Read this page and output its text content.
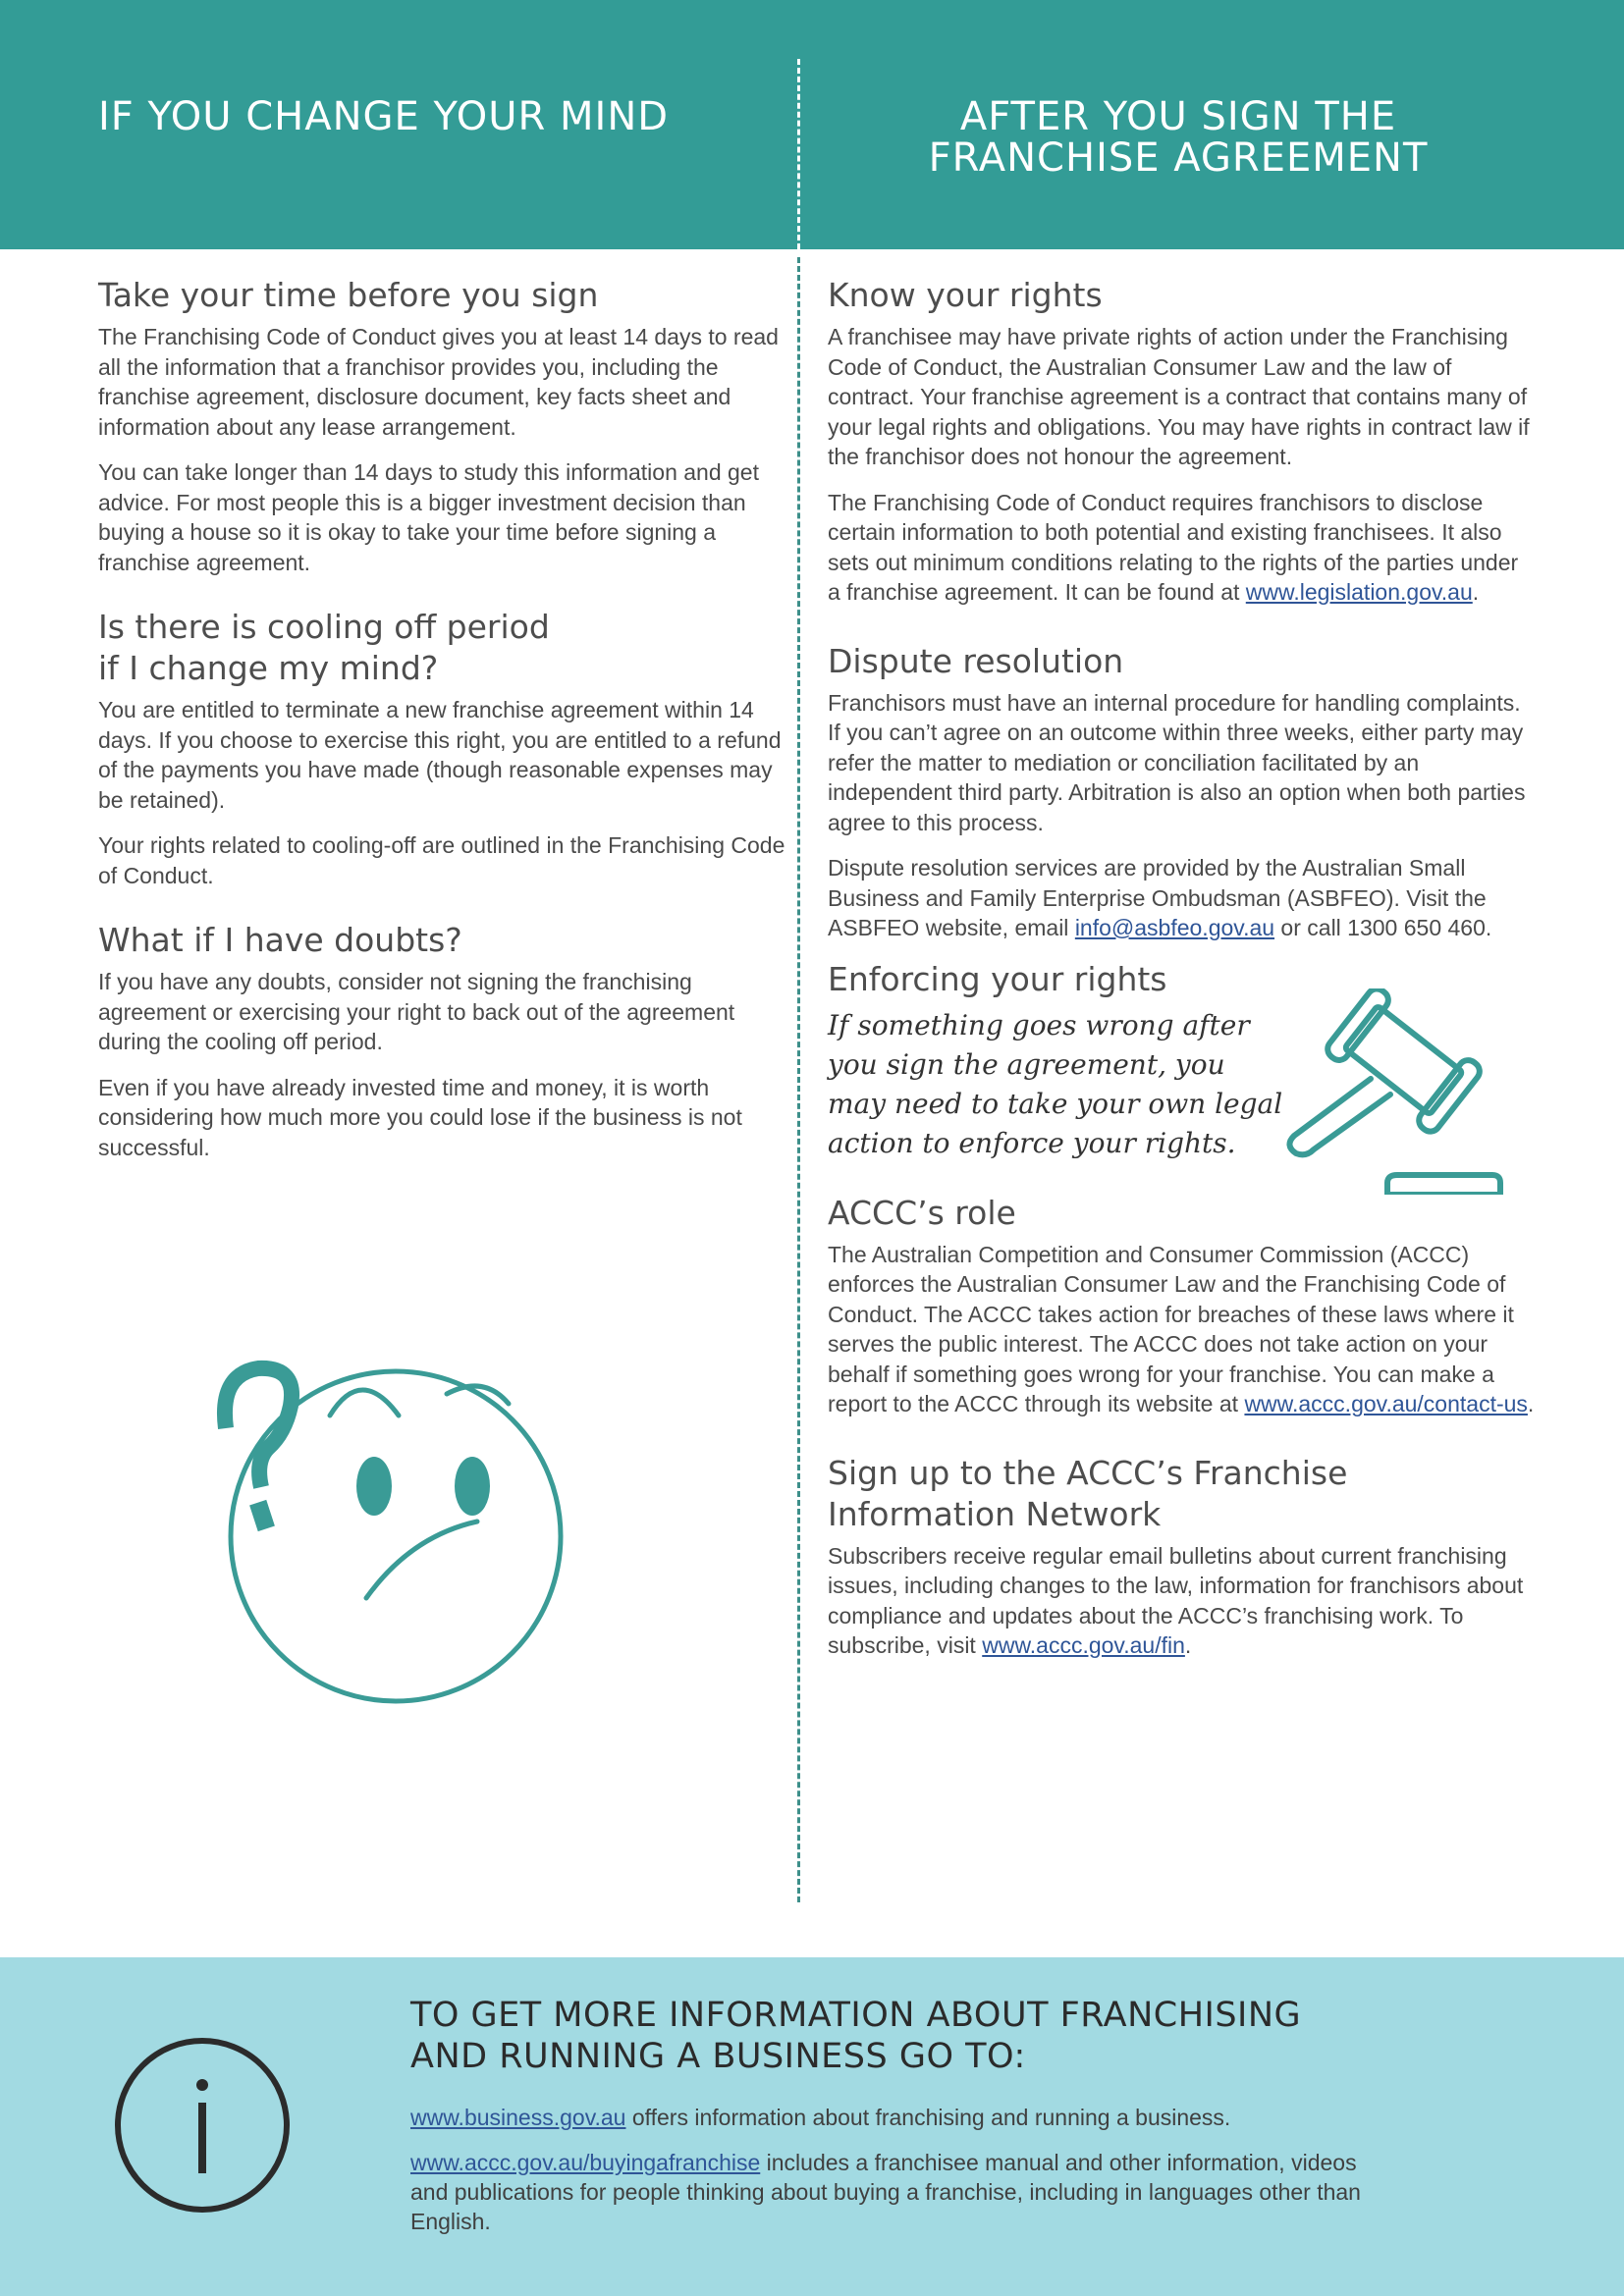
IF YOU CHANGE YOUR MIND	AFTER YOU SIGN THE
FRANCHISE AGREEMENT
Take your time before you sign

The Franchising Code of Conduct gives you at least 14 days to read all the information that a franchisor provides you, including the franchise agreement, disclosure document, key facts sheet and information about any lease arrangement.

You can take longer than 14 days to study this information and get advice. For most people this is a bigger investment decision than buying a house so it is okay to take your time before signing a franchise agreement.

Is there is cooling off period
if I change my mind?

You are entitled to terminate a new franchise agreement within 14 days. If you choose to exercise this right, you are entitled to a refund of the payments you have made (though reasonable expenses may be retained).

Your rights related to cooling-off are outlined in the Franchising Code of Conduct.

What if I have doubts?

If you have any doubts, consider not signing the franchising agreement or exercising your right to back out of the agreement during the cooling off period.

Even if you have already invested time and money, it is worth considering how much more you could lose if the business is not successful.

Know your rights

A franchisee may have private rights of action under the Franchising Code of Conduct, the Australian Consumer Law and the law of contract. Your franchise agreement is a contract that contains many of your legal rights and obligations. You may have rights in contract law if the franchisor does not honour the agreement.

The Franchising Code of Conduct requires franchisors to disclose certain information to both potential and existing franchisees. It also sets out minimum conditions relating to the rights of the parties under a franchise agreement. It can be found at www.legislation.gov.au.

Dispute resolution

Franchisors must have an internal procedure for handling complaints. If you can’t agree on an outcome within three weeks, either party may refer the matter to mediation or conciliation facilitated by an independent third party. Arbitration is also an option when both parties agree to this process.

Dispute resolution services are provided by the Australian Small Business and Family Enterprise Ombudsman (ASBFEO). Visit the ASBFEO website, email info@asbfeo.gov.au or call 1300 650 460.

Enforcing your rights

If something goes wrong after you sign the agreement, you may need to take your own legal action to enforce your rights.

ACCC’s role

The Australian Competition and Consumer Commission (ACCC) enforces the Australian Consumer Law and the Franchising Code of Conduct. The ACCC takes action for breaches of these laws where it serves the public interest. The ACCC does not take action on your behalf if something goes wrong for your franchise. You can make a report to the ACCC through its website at www.accc.gov.au/contact-us.

Sign up to the ACCC’s Franchise
Information Network

Subscribers receive regular email bulletins about current franchising issues, including changes to the law, information for franchisors about compliance and updates about the ACCC’s franchising work. To subscribe, visit www.accc.gov.au/fin.

TO GET MORE INFORMATION ABOUT FRANCHISING
AND RUNNING A BUSINESS GO TO:

www.business.gov.au offers information about franchising and running a business.

www.accc.gov.au/buyingafranchise includes a franchisee manual and other information, videos and publications for people thinking about buying a franchise, including in languages other than English.
